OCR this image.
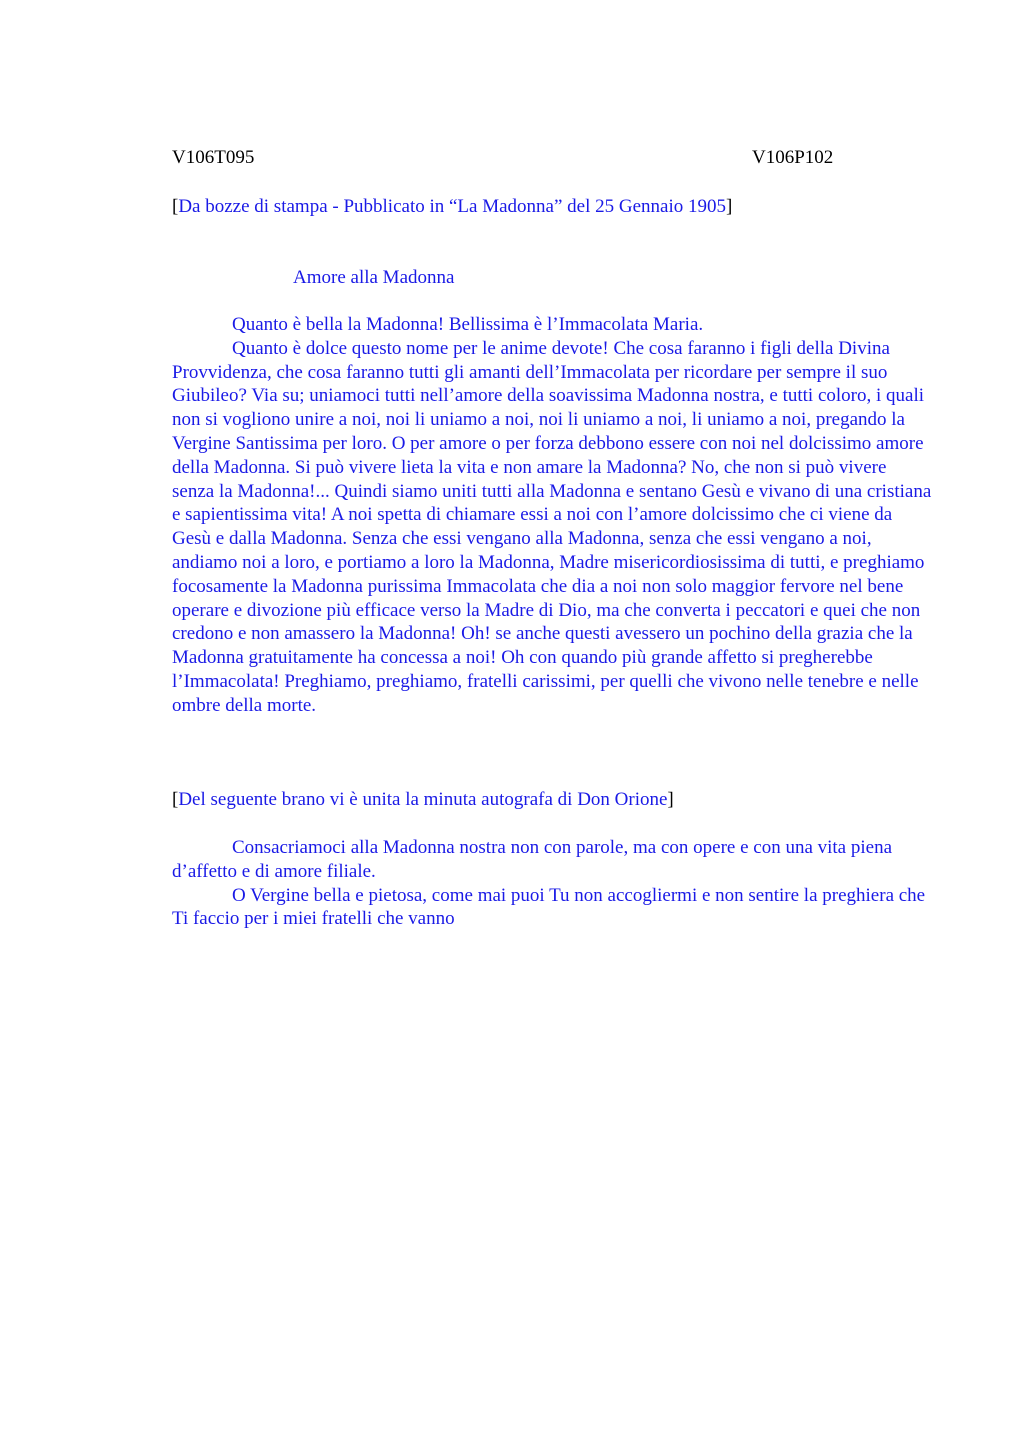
V106T095	V106P102
[Da bozze di stampa - Pubblicato in “La Madonna” del 25 Gennaio 1905]
Amore alla Madonna

Quanto è bella la Madonna! Bellissima è l’Immacolata Maria.

Quanto è dolce questo nome per le anime devote! Che cosa faranno i figli della Divina Provvidenza, che cosa faranno tutti gli amanti dell’Immacolata per ricordare per sempre il suo Giubileo? Via su; uniamoci tutti nell’amore della soavissima Madonna nostra, e tutti coloro, i quali non si vogliono unire a noi, noi li uniamo a noi, noi li uniamo a noi, li uniamo a noi, pregando la Vergine Santissima per loro. O per amore o per forza debbono essere con noi nel dolcissimo amore della Madonna. Si può vivere lieta la vita e non amare la Madonna? No, che non si può vivere senza la Madonna!... Quindi siamo uniti tutti alla Madonna e sentano Gesù e vivano di una cristiana e sapientissima vita! A noi spetta di chiamare essi a noi con l’amore dolcissimo che ci viene da Gesù e dalla Madonna. Senza che essi vengano alla Madonna, senza che essi vengano a noi, andiamo noi a loro, e portiamo a loro la Madonna, Madre misericordiosissima di tutti, e preghiamo focosamente la Madonna purissima Immacolata che dia a noi non solo maggior fervore nel bene operare e divozione più efficace verso la Madre di Dio, ma che converta i peccatori e quei che non credono e non amassero la Madonna! Oh! se anche questi avessero un pochino della grazia che la Madonna gratuitamente ha concessa a noi! Oh con quando più grande affetto si pregherebbe l’Immacolata! Preghiamo, preghiamo, fratelli carissimi, per quelli che vivono nelle tenebre e nelle ombre della morte.

[Del seguente brano vi è unita la minuta autografa di Don Orione]

Consacriamoci alla Madonna nostra non con parole, ma con opere e con una vita piena d’affetto e di amore filiale.

O Vergine bella e pietosa, come mai puoi Tu non accogliermi e non sentire la preghiera che Ti faccio per i miei fratelli che vanno
